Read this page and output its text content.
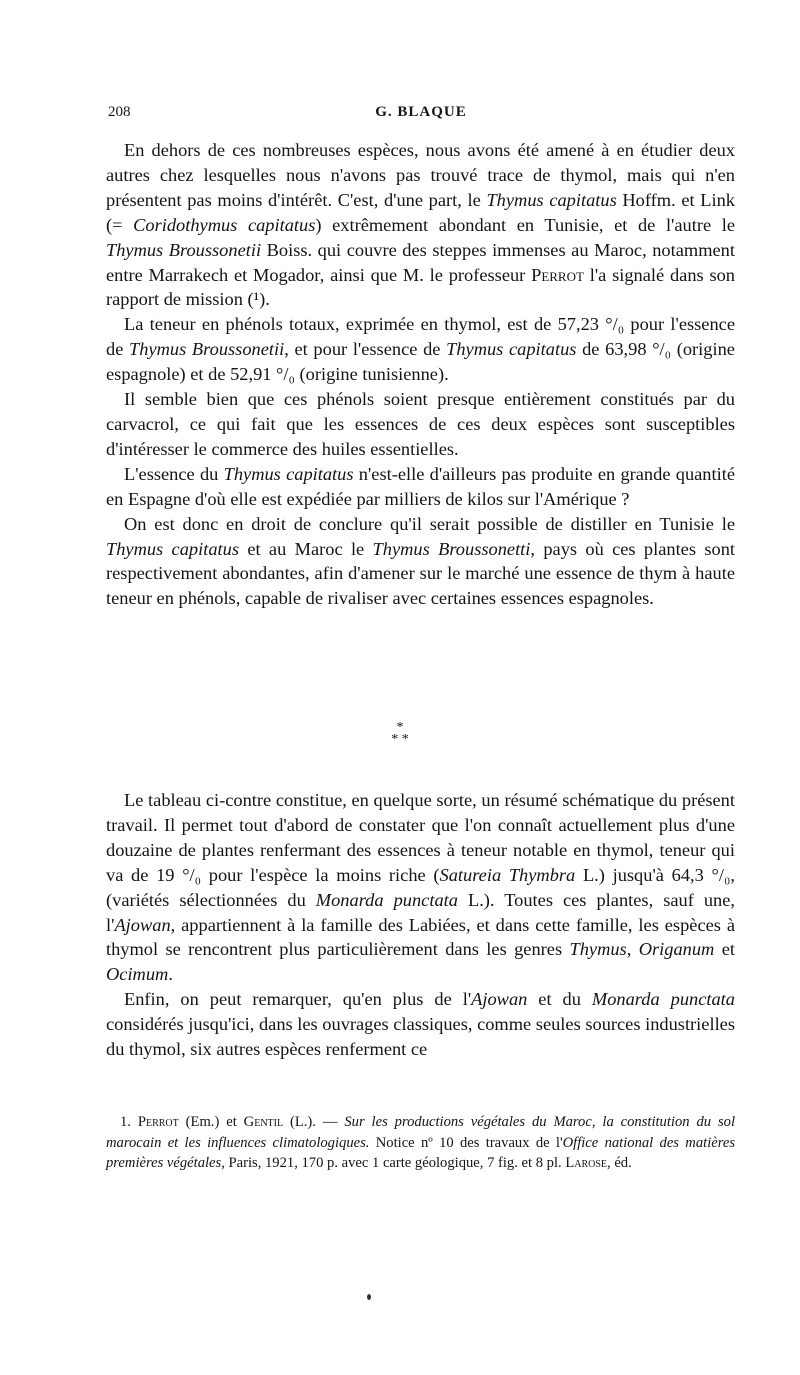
208	G. BLAQUE

En dehors de ces nombreuses espèces, nous avons été amené à en étudier deux autres chez lesquelles nous n'avons pas trouvé trace de thymol, mais qui n'en présentent pas moins d'intérêt. C'est, d'une part, le Thymus capitatus Hoffm. et Link (= Coridothymus capitatus) extrêmement abondant en Tunisie, et de l'autre le Thymus Broussonetii Boiss. qui couvre des steppes immenses au Maroc, notamment entre Marrakech et Mogador, ainsi que M. le professeur Perrot l'a signalé dans son rapport de mission (¹).

La teneur en phénols totaux, exprimée en thymol, est de 57,23 °/₀ pour l'essence de Thymus Broussonetii, et pour l'essence de Thymus capitatus de 63,98 °/₀ (origine espagnole) et de 52,91 °/₀ (origine tunisienne).

Il semble bien que ces phénols soient presque entièrement constitués par du carvacrol, ce qui fait que les essences de ces deux espèces sont susceptibles d'intéresser le commerce des huiles essentielles.

L'essence du Thymus capitatus n'est-elle d'ailleurs pas produite en grande quantité en Espagne d'où elle est expédiée par milliers de kilos sur l'Amérique ?

On est donc en droit de conclure qu'il serait possible de distiller en Tunisie le Thymus capitatus et au Maroc le Thymus Broussonetti, pays où ces plantes sont respectivement abondantes, afin d'amener sur le marché une essence de thym à haute teneur en phénols, capable de rivaliser avec certaines essences espagnoles.

*
* *

Le tableau ci-contre constitue, en quelque sorte, un résumé schématique du présent travail. Il permet tout d'abord de constater que l'on connaît actuellement plus d'une douzaine de plantes renfermant des essences à teneur notable en thymol, teneur qui va de 19 °/₀ pour l'espèce la moins riche (Satureia Thymbra L.) jusqu'à 64,3 °/₀, (variétés sélectionnées du Monarda punctata L.). Toutes ces plantes, sauf une, l'Ajowan, appartiennent à la famille des Labiées, et dans cette famille, les espèces à thymol se rencontrent plus particulièrement dans les genres Thymus, Origanum et Ocimum.

Enfin, on peut remarquer, qu'en plus de l'Ajowan et du Monarda punctata considérés jusqu'ici, dans les ouvrages classiques, comme seules sources industrielles du thymol, six autres espèces renferment ce

1. Perrot (Em.) et Gentil (L.). — Sur les productions végétales du Maroc, la constitution du sol marocain et les influences climatologiques. Notice nº 10 des travaux de l'Office national des matières premières végétales, Paris, 1921, 170 p. avec 1 carte géologique, 7 fig. et 8 pl. Larose, éd.
